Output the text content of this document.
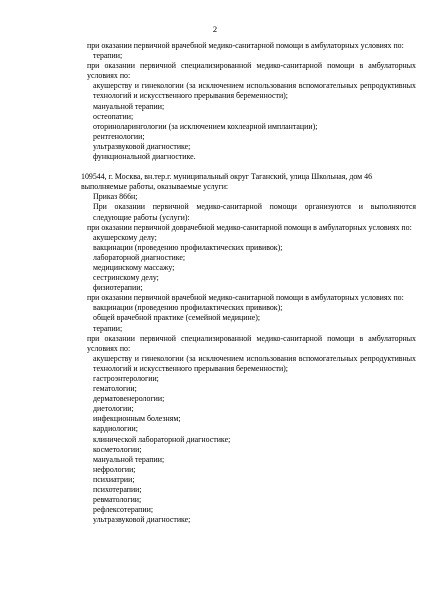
2
при оказании первичной врачебной медико-санитарной помощи в амбулаторных условиях по:
терапии;
при оказании первичной специализированной медико-санитарной помощи в амбулаторных условиях по:
акушерству и гинекологии (за исключением использования вспомогательных репродуктивных технологий и искусственного прерывания беременности);
мануальной терапии;
остеопатии;
оториноларингологии (за исключением кохлеарной имплантации);
рентгенологии;
ультразвуковой диагностике;
функциональной диагностике.
109544, г. Москва, вн.тер.г. муниципальный округ Таганский, улица Школьная, дом 46
выполняемые работы, оказываемые услуги:
Приказ 866н;
При оказании первичной медико-санитарной помощи организуются и выполняются следующие работы (услуги):
при оказании первичной доврачебной медико-санитарной помощи в амбулаторных условиях по:
акушерскому делу;
вакцинации (проведению профилактических прививок);
лабораторной диагностике;
медицинскому массажу;
сестринскому делу;
физиотерапии;
при оказании первичной врачебной медико-санитарной помощи в амбулаторных условиях по:
вакцинации (проведению профилактических прививок);
общей врачебной практике (семейной медицине);
терапии;
при оказании первичной специализированной медико-санитарной помощи в амбулаторных условиях по:
акушерству и гинекологии (за исключением использования вспомогательных репродуктивных технологий и искусственного прерывания беременности);
гастроэнтерологии;
гематологии;
дерматовенерологии;
диетологии;
инфекционным болезням;
кардиологии;
клинической лабораторной диагностике;
косметологии;
мануальной терапии;
нефрологии;
психиатрии;
психотерапии;
ревматологии;
рефлексотерапии;
ультразвуковой диагностике;
